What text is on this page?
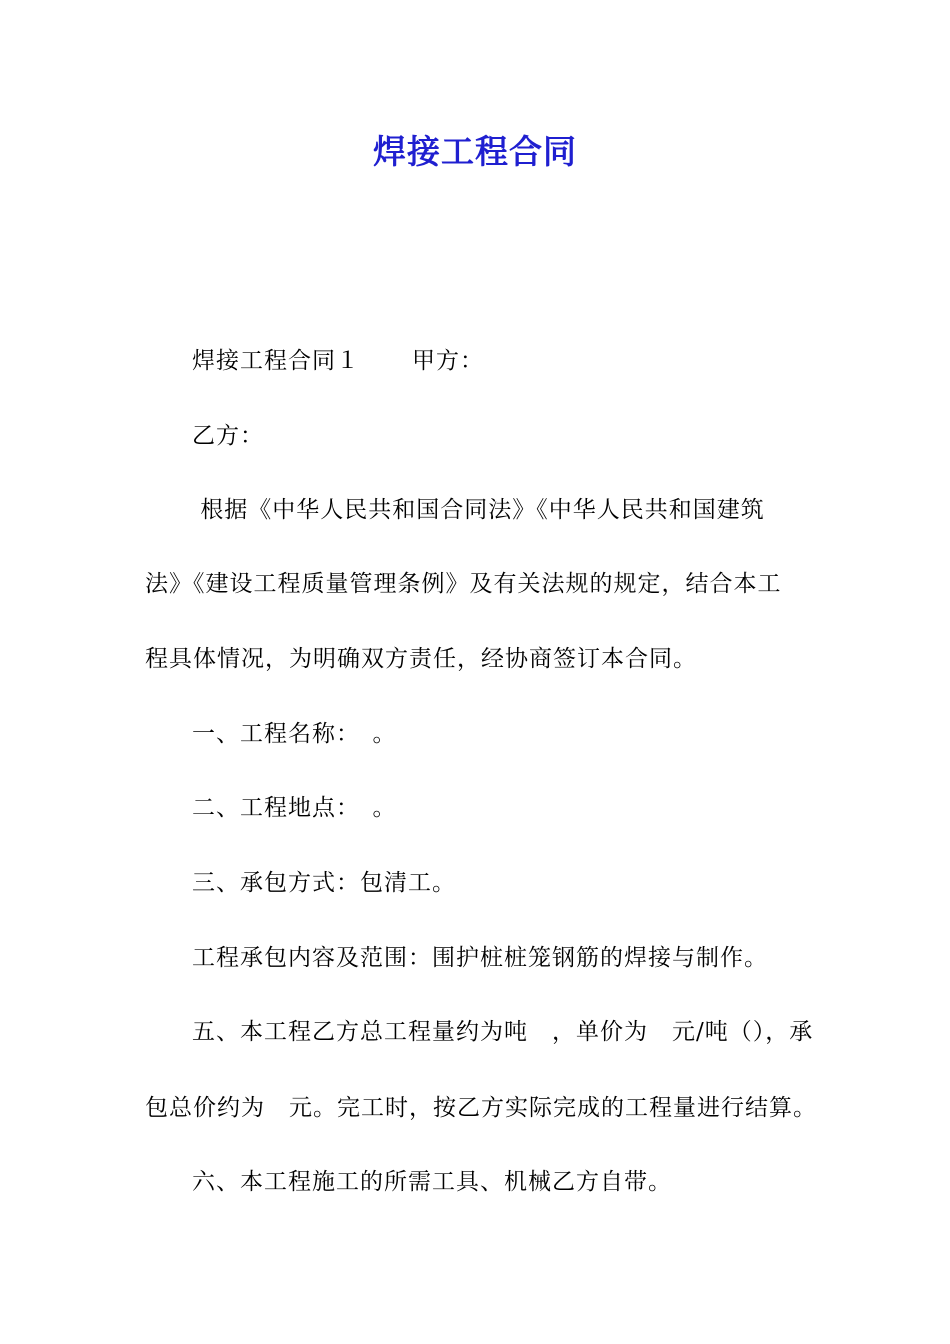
焊接工程合同
焊接工程合同１ 甲方：
乙方：
根据《中华人民共和国合同法》《中华人民共和国建筑
法》《建设工程质量管理条例》及有关法规的规定，结合本工
程具体情况，为明确双方责任，经协商签订本合同。
一、工程名称：　。
二、工程地点：　。
三、承包方式：包清工。
工程承包内容及范围：围护桩桩笼钢筋的焊接与制作。
五、本工程乙方总工程量约为吨　，单价为　元/吨（），承
包总价约为　元。完工时，按乙方实际完成的工程量进行结算。
六、本工程施工的所需工具、机械乙方自带。
